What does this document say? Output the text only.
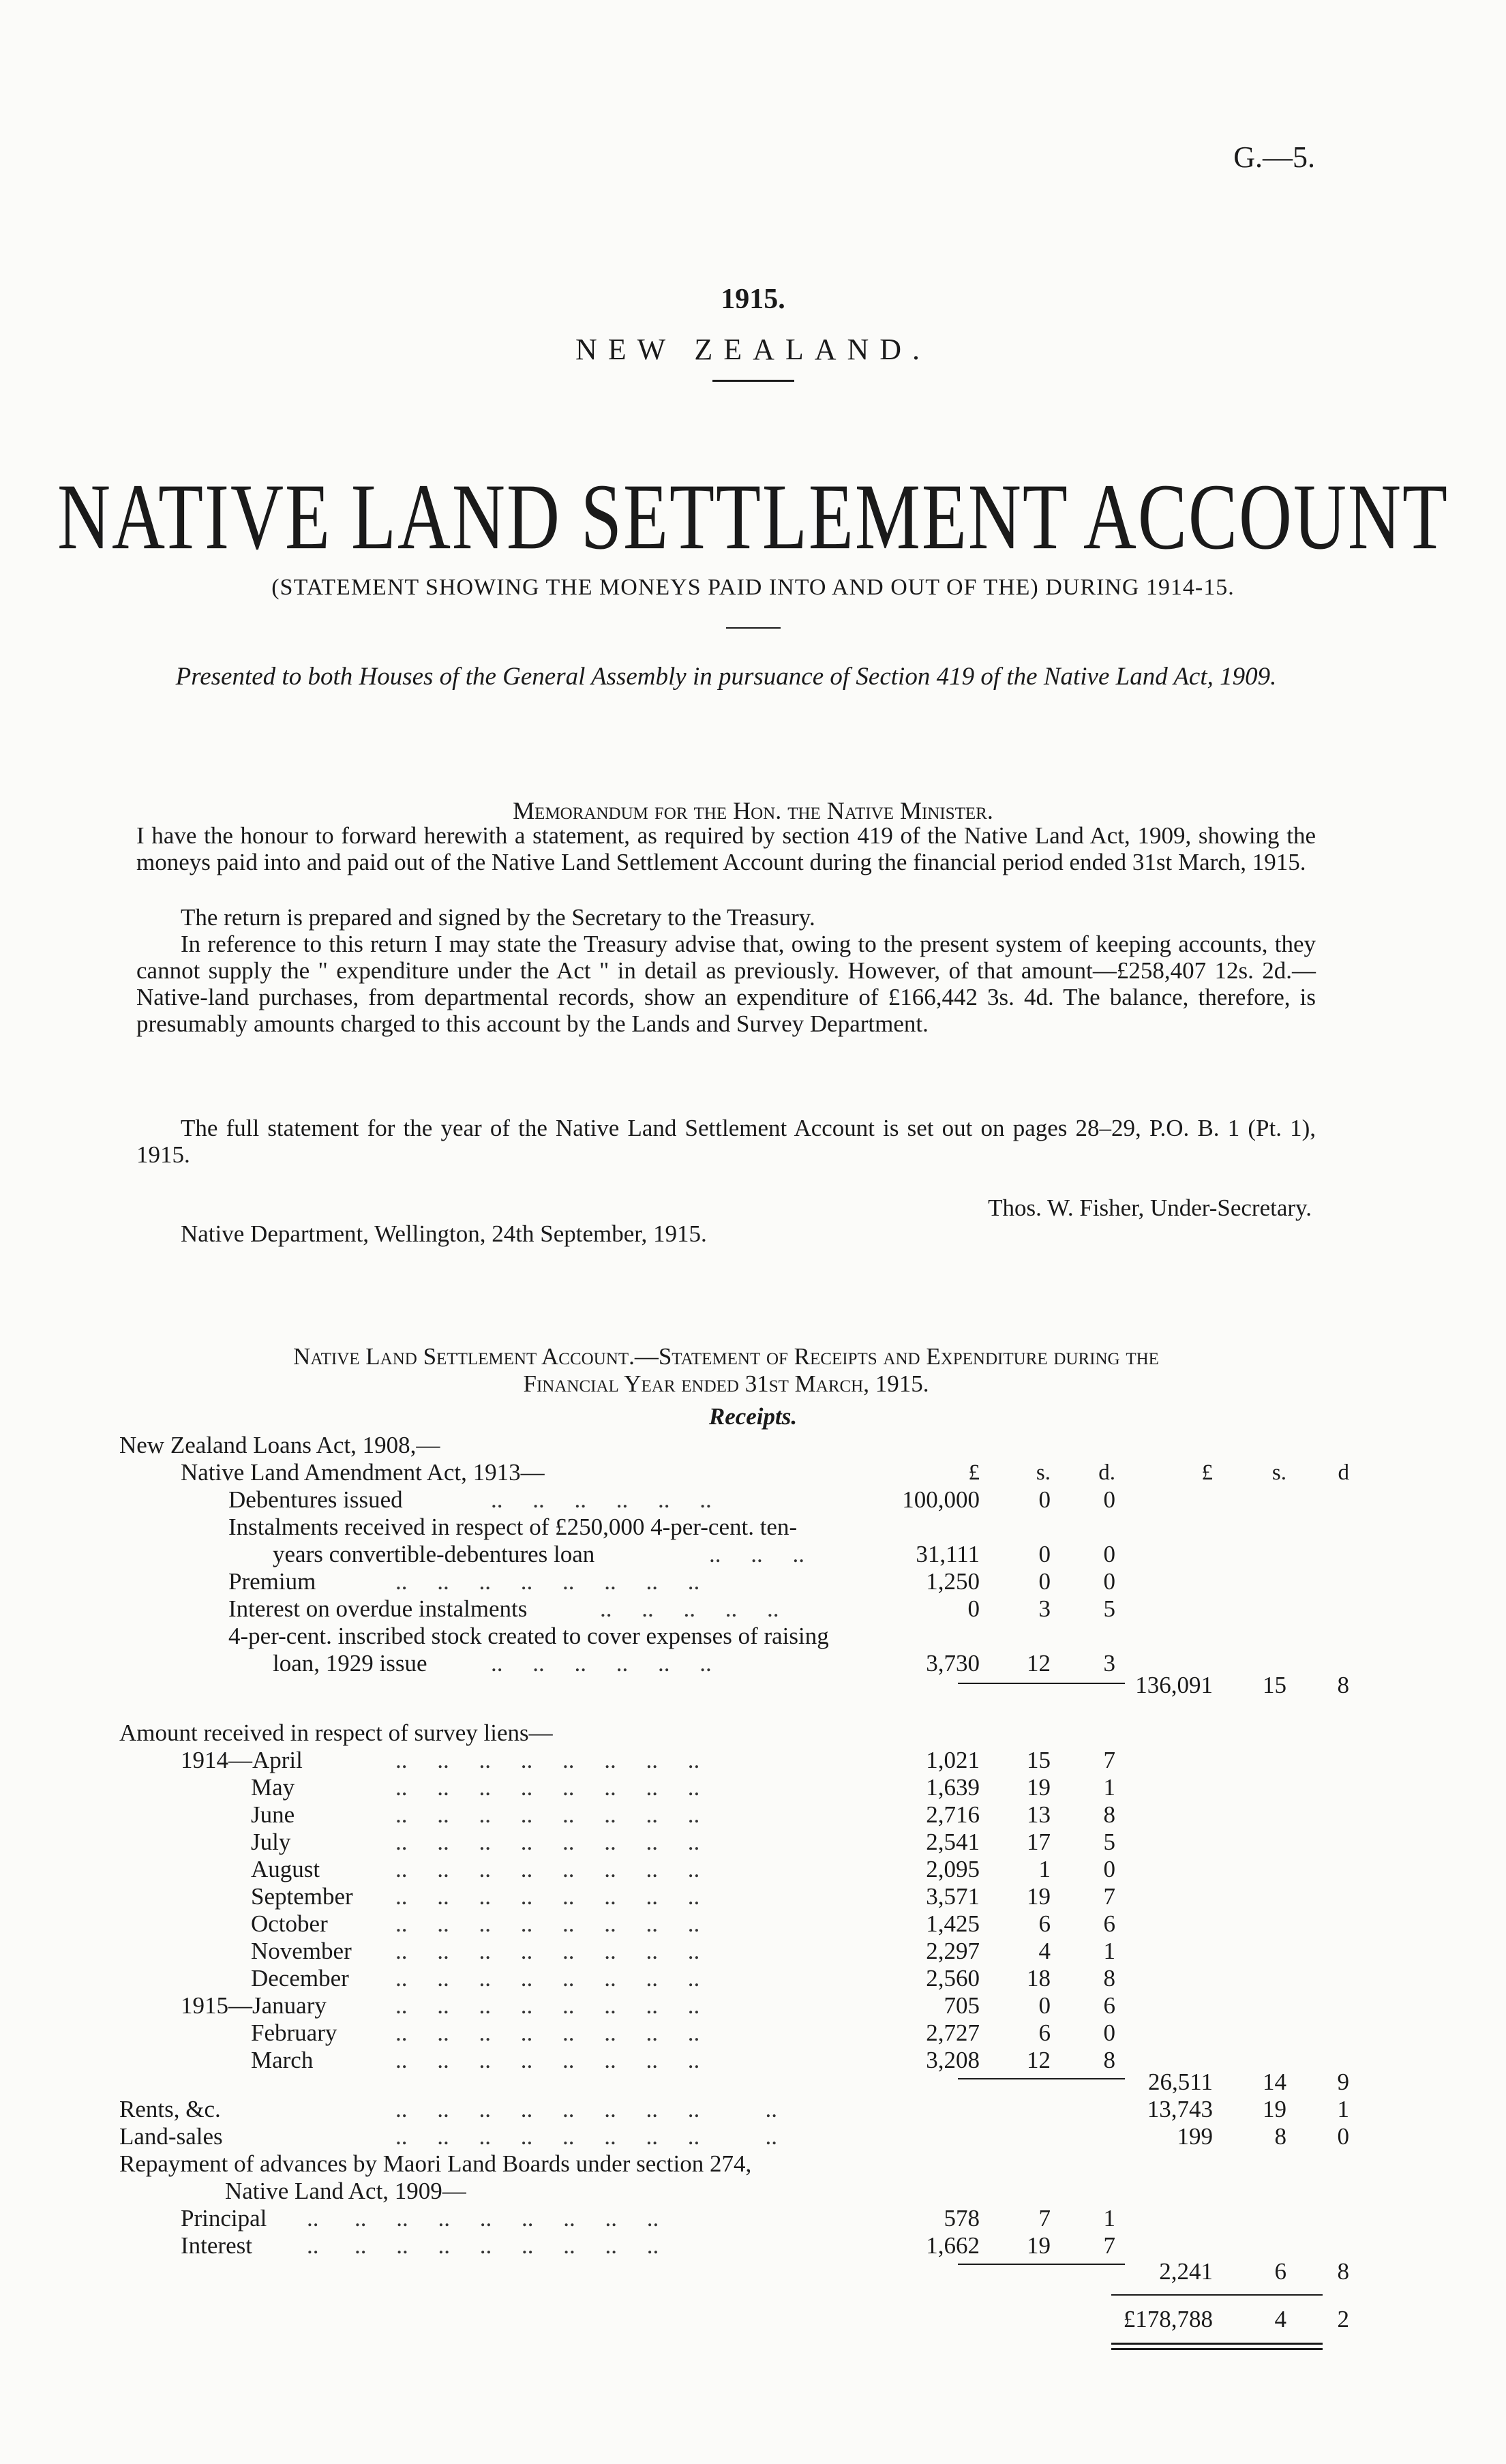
G.—5.
1915.
NEW ZEALAND.
NATIVE LAND SETTLEMENT ACCOUNT
(STATEMENT SHOWING THE MONEYS PAID INTO AND OUT OF THE) DURING 1914-15.
Presented to both Houses of the General Assembly in pursuance of Section 419 of the Native Land Act, 1909.
Memorandum for the Hon. the Native Minister.
I have the honour to forward herewith a statement, as required by section 419 of the Native Land Act, 1909, showing the moneys paid into and paid out of the Native Land Settlement Account during the financial period ended 31st March, 1915.
The return is prepared and signed by the Secretary to the Treasury.
In reference to this return I may state the Treasury advise that, owing to the present system of keeping accounts, they cannot supply the " expenditure under the Act " in detail as previously. However, of that amount—£258,407 12s. 2d.—Native-land purchases, from departmental records, show an expenditure of £166,442 3s. 4d. The balance, therefore, is presumably amounts charged to this account by the Lands and Survey Department.
The full statement for the year of the Native Land Settlement Account is set out on pages 28–29, P.O. B. 1 (Pt. 1), 1915.
Thos. W. Fisher, Under-Secretary.
Native Department, Wellington, 24th September, 1915.
Native Land Settlement Account.—Statement of Receipts and Expenditure during the
Financial Year ended 31st March, 1915.
Receipts.
New Zealand Loans Act, 1908,—
Native Land Amendment Act, 1913—	£	s. d.	£	s. d
Debentures issued	..     ..     ..     ..     ..     ..	100,000 0 0
Instalments received in respect of £250,000 4-per-cent. ten-
years convertible-debentures loan	..     ..     ..	31,111 0 0
Premium	..     ..     ..     ..     ..     ..     ..     ..	1,250 0 0
Interest on overdue instalments	..     ..     ..     ..     ..	0 3 5
4-per-cent. inscribed stock created to cover expenses of raising
loan, 1929 issue	..     ..     ..     ..     ..     ..	3,730 12 3
136,091 15 8
Amount received in respect of survey liens—
1914—April	..     ..     ..     ..     ..     ..     ..     ..	1,021 15 7
May	..     ..     ..     ..     ..     ..     ..     ..	1,639 19 1
June	..     ..     ..     ..     ..     ..     ..     ..	2,716 13 8
July	..     ..     ..     ..     ..     ..     ..     ..	2,541 17 5
August	..     ..     ..     ..     ..     ..     ..     ..	2,095 1 0
September ..     ..     ..     ..     ..     ..     ..     ..	3,571 19 7
October	..     ..     ..     ..     ..     ..     ..     ..	1,425 6 6
November ..     ..     ..     ..     ..     ..     ..     ..	2,297 4 1
December ..     ..     ..     ..     ..     ..     ..     ..	2,560 18 8
1915—January	..     ..     ..     ..     ..     ..     ..     ..	705 0 6
February ..     ..     ..     ..     ..     ..     ..     ..	2,727 6 0
March	..     ..     ..     ..     ..     ..     ..     ..	3,208 12 8
26,511 14 9
Rents, &c.	..     ..     ..     ..     ..     ..     ..     ..           ..	13,743 19 1
Land-sales	..     ..     ..     ..     ..     ..     ..     ..           ..	199	8 0
Repayment of advances by Maori Land Boards under section 274,
Native Land Act, 1909—
Principal ..      ..     ..     ..     ..     ..     ..     ..     ..	578 7 1
Interest ..      ..     ..     ..     ..     ..     ..     ..     ..	1,662 19 7
2,241	6 8
£178,788	4 2
